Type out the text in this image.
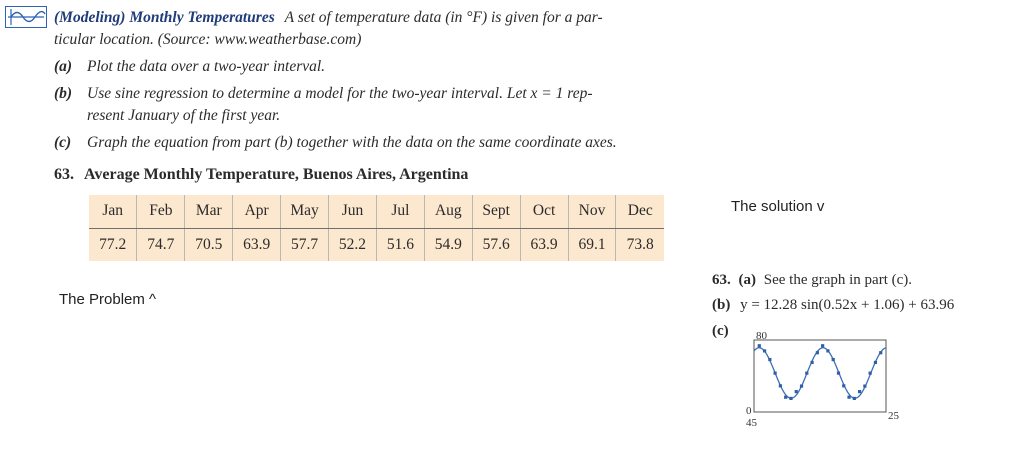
(Modeling) Monthly Temperatures A set of temperature data (in °F) is given for a par-
ticular location. (Source: www.weatherbase.com)
(a) Plot the data over a two-year interval.
(b) Use sine regression to determine a model for the two-year interval. Let x = 1 rep-
resent January of the first year.
(c) Graph the equation from part (b) together with the data on the same coordinate axes.
63. Average Monthly Temperature, Buenos Aires, Argentina
Jan	Feb	Mar	Apr	May	Jun	Jul	Aug	Sept	Oct	Nov	Dec
77.2	74.7	70.5	63.9	57.7	52.2	51.6	54.9	57.6	63.9	69.1	73.8
The Problem ^
The solution v
63. (a) See the graph in part (c).
(b) y = 12.28 sin(0.52x + 1.06) + 63.96
(c) 80
0
45
25
